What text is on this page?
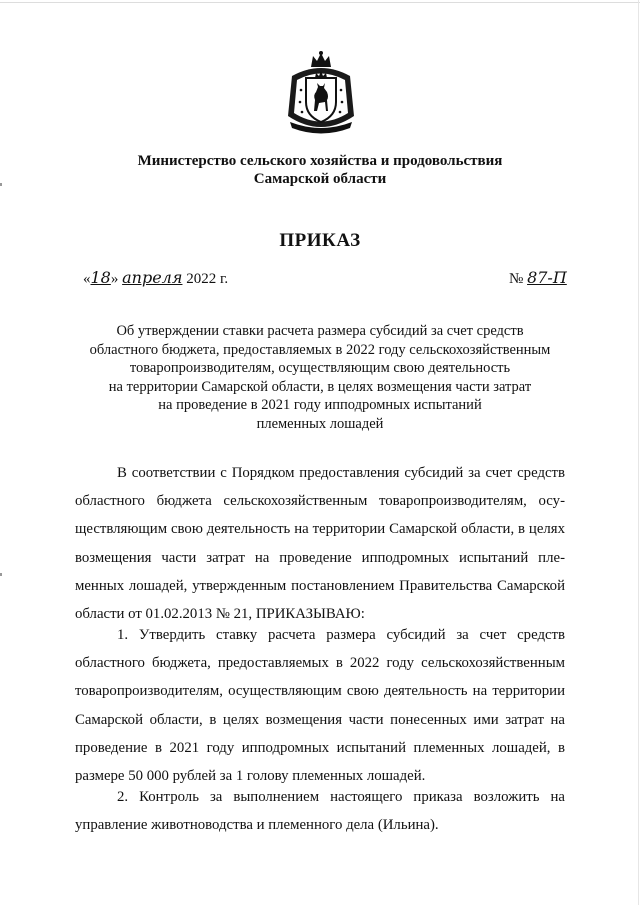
Министерство сельского хозяйства и продовольствия
Самарской области
ПРИКАЗ
«18» апреля 2022 г.	№ 87-П
Об утверждении ставки расчета размера субсидий за счет средств
областного бюджета, предоставляемых в 2022 году сельскохозяйственным
товаропроизводителям, осуществляющим свою деятельность
на территории Самарской области, в целях возмещения части затрат
на проведение в 2021 году ипподромных испытаний
племенных лошадей
В соответствии с Порядком предоставления субсидий за счет средств областного бюджета сельскохозяйственным товаропроизводителям, осуществляющим свою деятельность на территории Самарской области, в целях возмещения части затрат на проведение ипподромных испытаний племенных лошадей, утвержденным постановлением Правительства Самарской области от 01.02.2013 № 21, ПРИКАЗЫВАЮ:
1. Утвердить ставку расчета размера субсидий за счет средств областного бюджета, предоставляемых в 2022 году сельскохозяйственным товаропроизводителям, осуществляющим свою деятельность на территории Самарской области, в целях возмещения части понесенных ими затрат на проведение в 2021 году ипподромных испытаний племенных лошадей, в размере 50 000 рублей за 1 голову племенных лошадей.
2. Контроль за выполнением настоящего приказа возложить на управление животноводства и племенного дела (Ильина).
